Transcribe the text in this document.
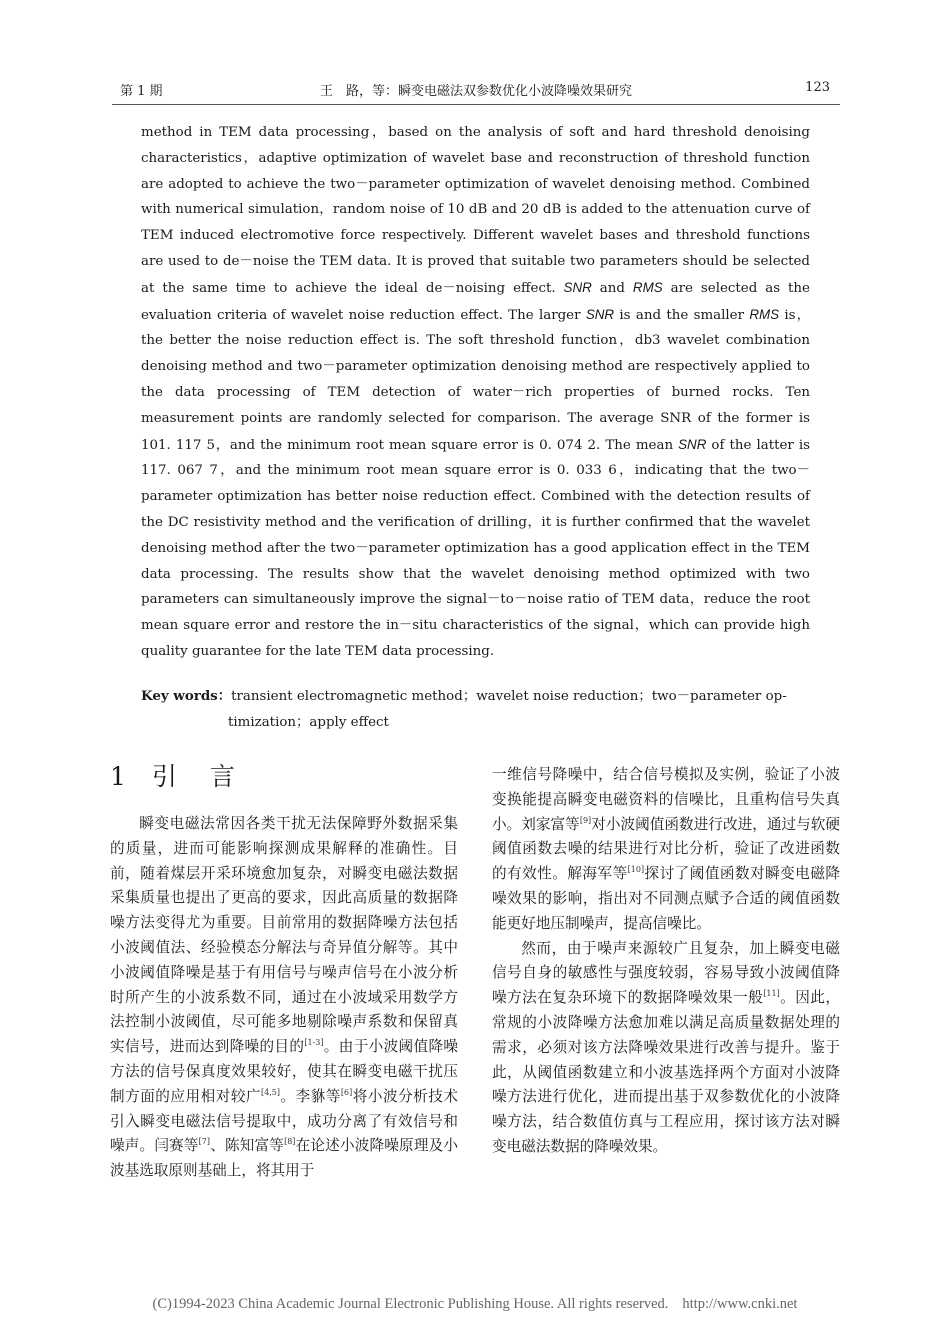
第 1 期	王　路，等：瞬变电磁法双参数优化小波降噪效果研究	123

method in TEM data processing，based on the analysis of soft and hard threshold denoising characteristics，adaptive optimization of wavelet base and reconstruction of threshold function are adopted to achieve the two－parameter optimization of wavelet denoising method. Combined with numerical simulation，random noise of 10 dB and 20 dB is added to the attenuation curve of TEM induced electromotive force respectively. Different wavelet bases and threshold functions are used to de－noise the TEM data. It is proved that suitable two parameters should be selected at the same time to achieve the ideal de－noising effect. SNR and RMS are selected as the evaluation criteria of wavelet noise reduction effect. The larger SNR is and the smaller RMS is，the better the noise reduction effect is. The soft threshold function，db3 wavelet combination denoising method and two－parameter optimization denoising method are respectively applied to the data processing of TEM detection of water－rich properties of burned rocks. Ten measurement points are randomly selected for comparison. The average SNR of the former is 101. 117 5，and the minimum root mean square error is 0. 074 2. The mean SNR of the latter is 117. 067 7，and the minimum root mean square error is 0. 033 6，indicating that the two－parameter optimization has better noise reduction effect. Combined with the detection results of the DC resistivity method and the verification of drilling，it is further confirmed that the wavelet denoising method after the two－parameter optimization has a good application effect in the TEM data processing. The results show that the wavelet denoising method optimized with two parameters can simultaneously improve the signal－to－noise ratio of TEM data，reduce the root mean square error and restore the in－situ characteristics of the signal，which can provide high quality guarantee for the late TEM data processing.

Key words：transient electromagnetic method；wavelet noise reduction；two－parameter op-
timization；apply effect
1 引　言

瞬变电磁法常因各类干扰无法保障野外数据采集的质量，进而可能影响探测成果解释的准确性。目前，随着煤层开采环境愈加复杂，对瞬变电磁法数据采集质量也提出了更高的要求，因此高质量的数据降噪方法变得尤为重要。目前常用的数据降噪方法包括小波阈值法、经验模态分解法与奇异值分解等。其中小波阈值降噪是基于有用信号与噪声信号在小波分析时所产生的小波系数不同，通过在小波域采用数学方法控制小波阈值，尽可能多地剔除噪声系数和保留真实信号，进而达到降噪的目的[1-3]。由于小波阈值降噪方法的信号保真度效果较好，使其在瞬变电磁干扰压制方面的应用相对较广[4,5]。李貅等[6]将小波分析技术引入瞬变电磁法信号提取中，成功分离了有效信号和噪声。闫赛等[7]、陈知富等[8]在论述小波降噪原理及小波基选取原则基础上，将其用于

一维信号降噪中，结合信号模拟及实例，验证了小波变换能提高瞬变电磁资料的信噪比，且重构信号失真小。刘家富等[9]对小波阈值函数进行改进，通过与软硬阈值函数去噪的结果进行对比分析，验证了改进函数的有效性。解海军等[10]探讨了阈值函数对瞬变电磁降噪效果的影响，指出对不同测点赋予合适的阈值函数能更好地压制噪声，提高信噪比。

然而，由于噪声来源较广且复杂，加上瞬变电磁信号自身的敏感性与强度较弱，容易导致小波阈值降噪方法在复杂环境下的数据降噪效果一般[11]。因此，常规的小波降噪方法愈加难以满足高质量数据处理的需求，必须对该方法降噪效果进行改善与提升。鉴于此，从阈值函数建立和小波基选择两个方面对小波降噪方法进行优化，进而提出基于双参数优化的小波降噪方法，结合数值仿真与工程应用，探讨该方法对瞬变电磁法数据的降噪效果。

(C)1994-2023 China Academic Journal Electronic Publishing House. All rights reserved. http://www.cnki.net
